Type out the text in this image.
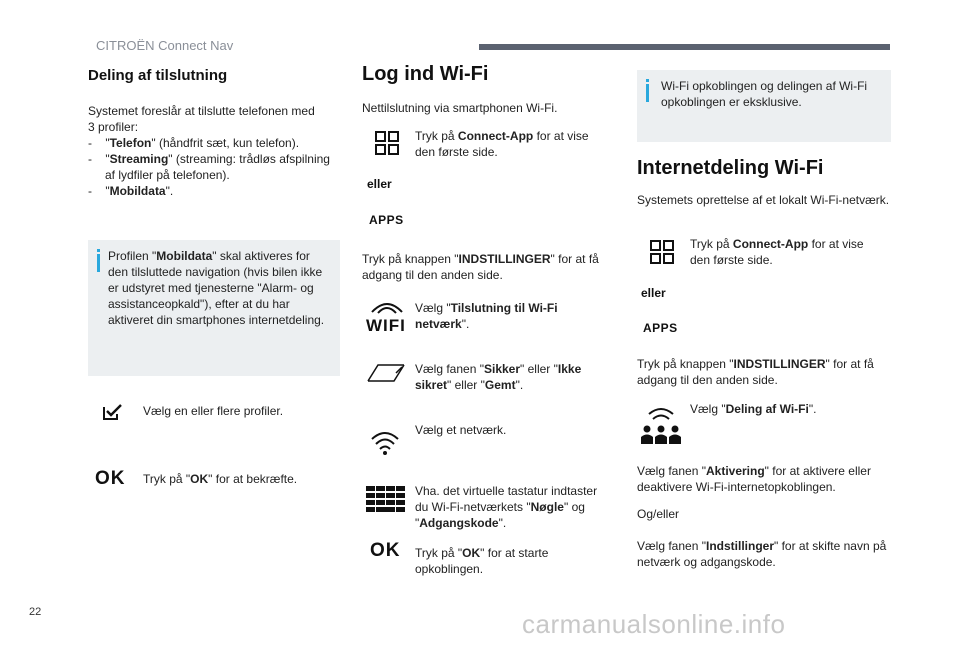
CITROËN Connect Nav
Deling af tilslutning

Systemet foreslår at tilslutte telefonen med

3 profiler:

- "Telefon" (håndfrit sæt, kun telefon).

- "Streaming" (streaming: trådløs afspilning af lydfiler på telefonen).

- "Mobildata".

Profilen "Mobildata" skal aktiveres for den tilsluttede navigation (hvis bilen ikke er udstyret med tjenesterne "Alarm- og assistanceopkald"), efter at du har aktiveret din smartphones internetdeling.
Vælg en eller flere profiler.
OK Tryk på "OK" for at bekræfte.
Log ind Wi-Fi
Nettilslutning via smartphonen Wi-Fi.
Tryk på Connect-App for at vise den første side.
eller
APPS
Tryk på knappen "INDSTILLINGER" for at få adgang til den anden side.
WIFI
Vælg "Tilslutning til Wi-Fi netværk".
Vælg fanen "Sikker" eller "Ikke sikret" eller "Gemt".
Vælg et netværk.
Vha. det virtuelle tastatur indtaster du Wi-Fi-netværkets "Nøgle" og "Adgangskode".
OK Tryk på "OK" for at starte opkoblingen.
Wi-Fi opkoblingen og delingen af Wi-Fi opkoblingen er eksklusive.
Internetdeling Wi-Fi
Systemets oprettelse af et lokalt Wi-Fi-netværk.
Tryk på Connect-App for at vise den første side.
eller
APPS
Tryk på knappen "INDSTILLINGER" for at få adgang til den anden side.
Vælg "Deling af Wi-Fi".
Vælg fanen "Aktivering" for at aktivere eller deaktivere Wi-Fi-internetopkoblingen.
Og/eller
Vælg fanen "Indstillinger" for at skifte navn på netværk og adgangskode.
22	carmanualsonline.info
